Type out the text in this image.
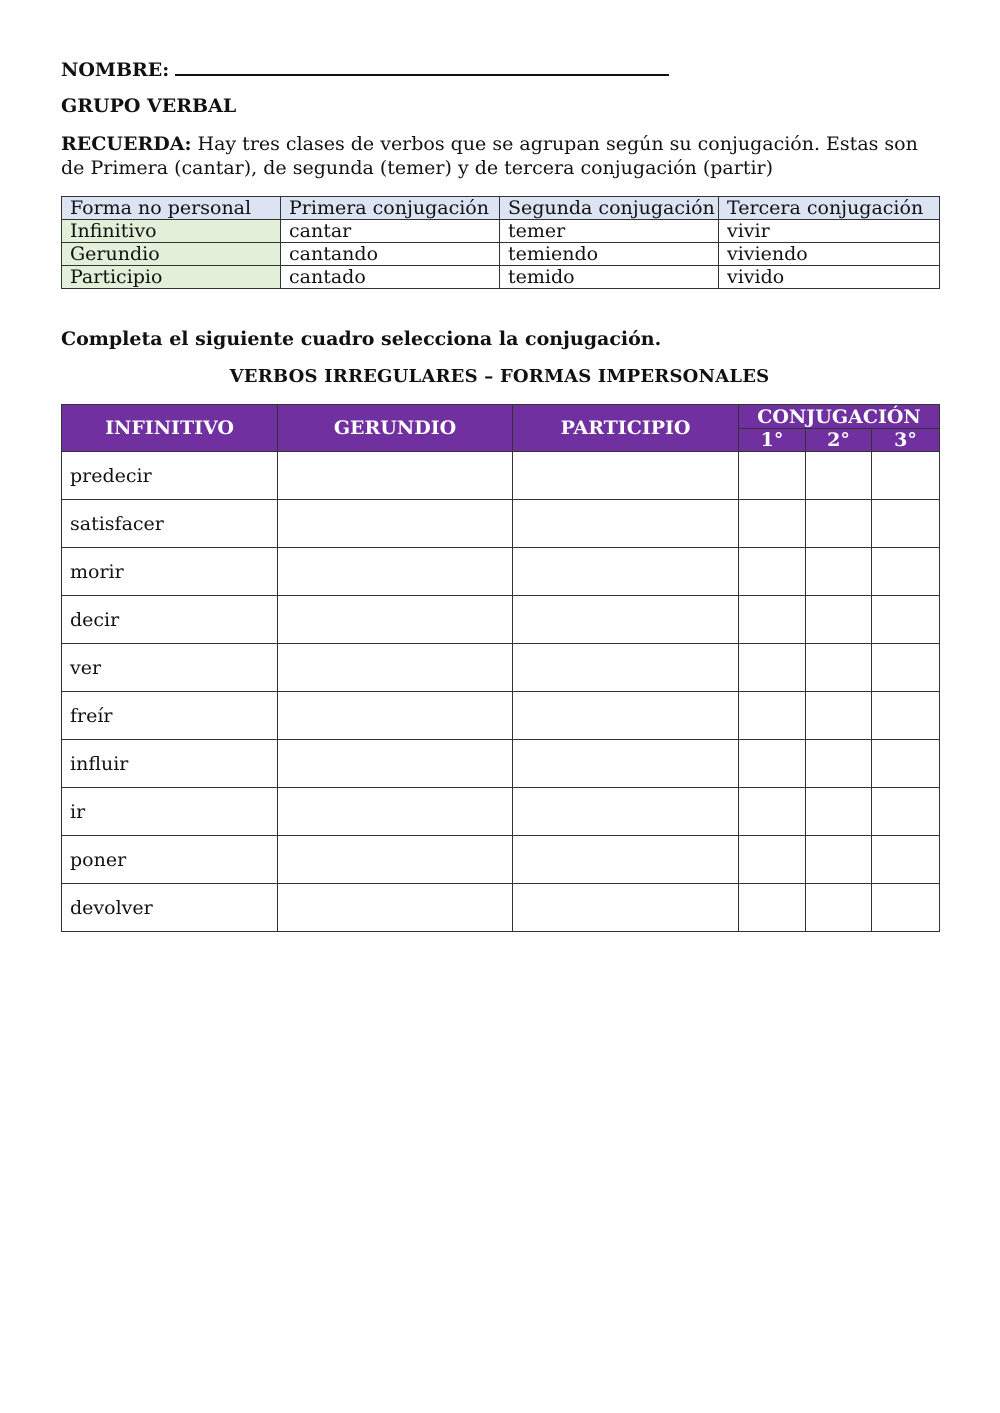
NOMBRE:
GRUPO VERBAL
RECUERDA: Hay tres clases de verbos que se agrupan según su conjugación. Estas son de Primera (cantar), de segunda (temer) y de tercera conjugación (partir)
Forma no personal	Primera conjugación	Segunda conjugación	Tercera conjugación
Infinitivo	cantar	temer	vivir
Gerundio	cantando	temiendo	viviendo
Participio	cantado	temido	vivido
Completa el siguiente cuadro selecciona la conjugación.
VERBOS IRREGULARES – FORMAS IMPERSONALES
INFINITIVO	GERUNDIO	PARTICIPIO	CONJUGACIÓN		
			1°	2°	3°
predecir					
satisfacer					
morir					
decir					
ver					
freír					
influir					
ir					
poner					
devolver					
